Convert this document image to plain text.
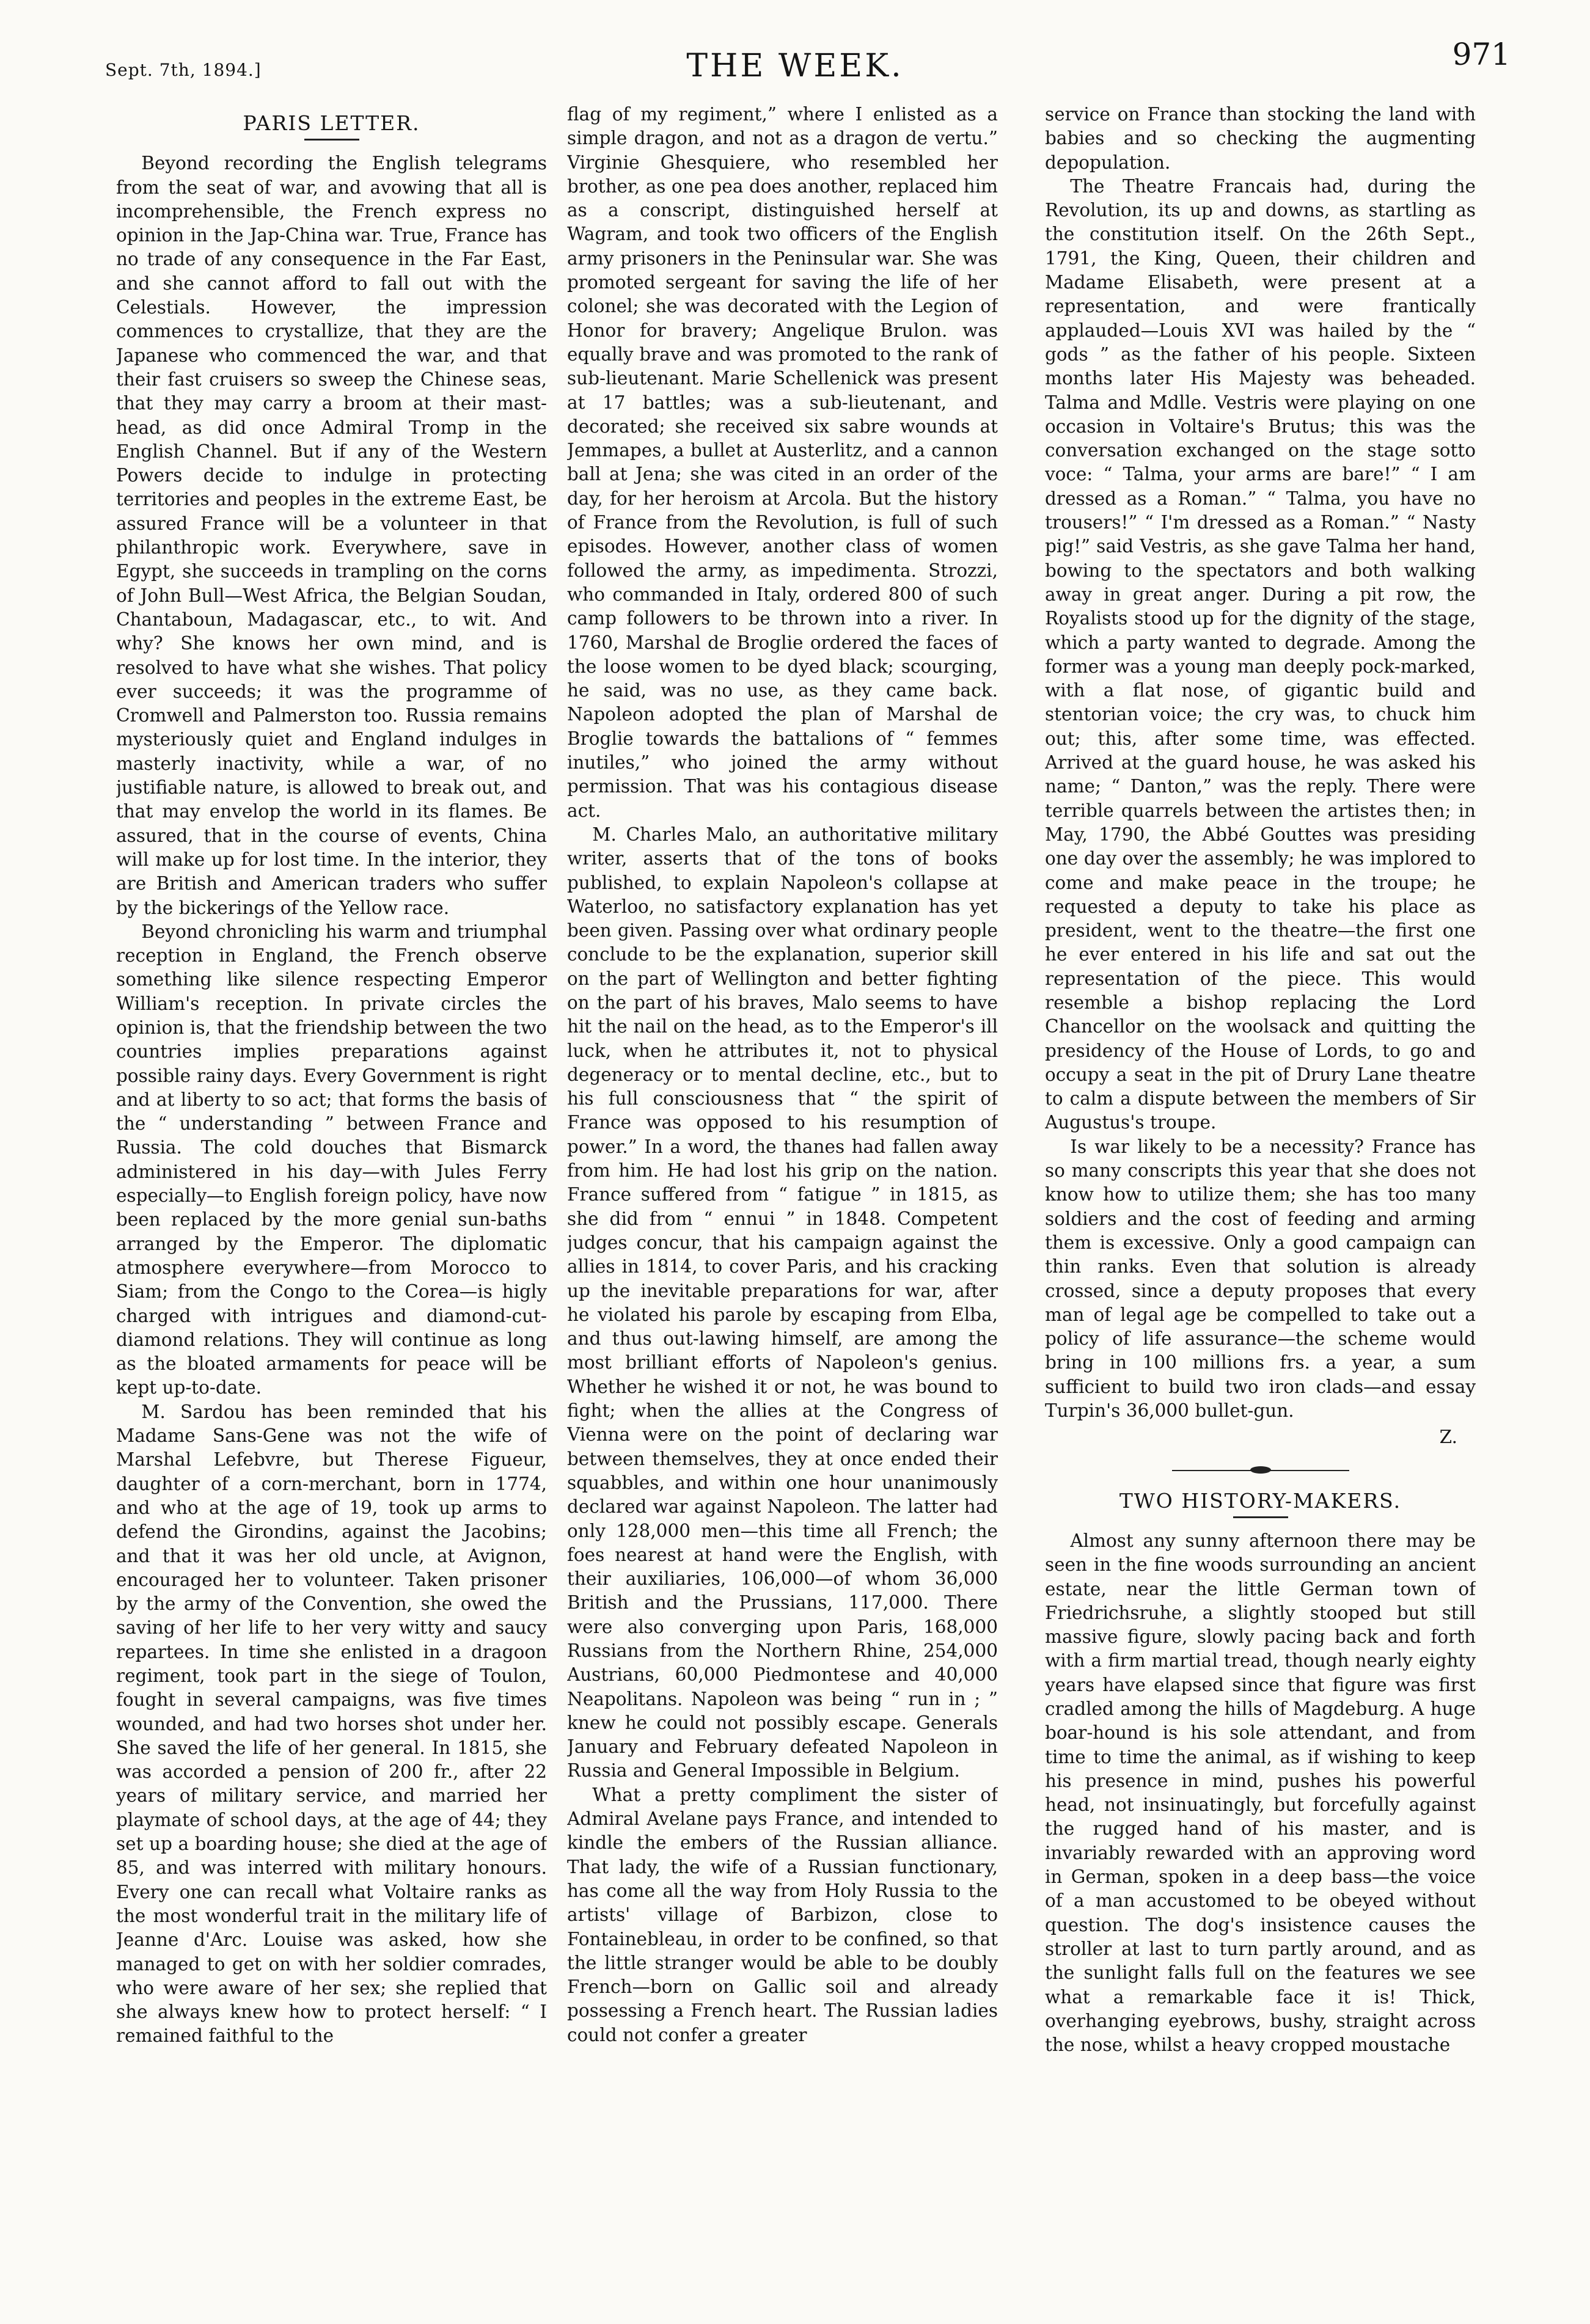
Sept. 7th, 1894.]	THE WEEK.	971
PARIS LETTER.

Beyond recording the English telegrams from the seat of war, and avowing that all is incomprehensible, the French express no opinion in the Jap-China war. True, France has no trade of any consequence in the Far East, and she cannot afford to fall out with the Celestials. However, the impression commences to crystallize, that they are the Japanese who commenced the war, and that their fast cruisers so sweep the Chinese seas, that they may carry a broom at their mast-head, as did once Admiral Tromp in the English Channel. But if any of the Western Powers decide to indulge in protecting territories and peoples in the extreme East, be assured France will be a volunteer in that philanthropic work. Everywhere, save in Egypt, she succeeds in trampling on the corns of John Bull—West Africa, the Belgian Soudan, Chantaboun, Madagascar, etc., to wit. And why? She knows her own mind, and is resolved to have what she wishes. That policy ever succeeds; it was the programme of Cromwell and Palmerston too. Russia remains mysteriously quiet and England indulges in masterly inactivity, while a war, of no justifiable nature, is allowed to break out, and that may envelop the world in its flames. Be assured, that in the course of events, China will make up for lost time. In the interior, they are British and American traders who suffer by the bickerings of the Yellow race.

Beyond chronicling his warm and triumphal reception in England, the French observe something like silence respecting Emperor William's reception. In private circles the opinion is, that the friendship between the two countries implies preparations against possible rainy days. Every Government is right and at liberty to so act; that forms the basis of the “ understanding ” between France and Russia. The cold douches that Bismarck administered in his day—with Jules Ferry especially—to English foreign policy, have now been replaced by the more genial sun-baths arranged by the Emperor. The diplomatic atmosphere everywhere—from Morocco to Siam; from the Congo to the Corea—is higly charged with intrigues and diamond-cut-diamond relations. They will continue as long as the bloated armaments for peace will be kept up-to-date.

M. Sardou has been reminded that his Madame Sans-Gene was not the wife of Marshal Lefebvre, but Therese Figueur, daughter of a corn-merchant, born in 1774, and who at the age of 19, took up arms to defend the Girondins, against the Jacobins; and that it was her old uncle, at Avignon, encouraged her to volunteer. Taken prisoner by the army of the Convention, she owed the saving of her life to her very witty and saucy repartees. In time she enlisted in a dragoon regiment, took part in the siege of Toulon, fought in several campaigns, was five times wounded, and had two horses shot under her. She saved the life of her general. In 1815, she was accorded a pension of 200 fr., after 22 years of military service, and married her playmate of school days, at the age of 44; they set up a boarding house; she died at the age of 85, and was interred with military honours. Every one can recall what Voltaire ranks as the most wonderful trait in the military life of Jeanne d'Arc. Louise was asked, how she managed to get on with her soldier comrades, who were aware of her sex; she replied that she always knew how to protect herself: “ I remained faithful to the

flag of my regiment,” where I enlisted as a simple dragon, and not as a dragon de vertu.” Virginie Ghesquiere, who resembled her brother, as one pea does another, replaced him as a conscript, distinguished herself at Wagram, and took two officers of the English army prisoners in the Peninsular war. She was promoted sergeant for saving the life of her colonel; she was decorated with the Legion of Honor for bravery; Angelique Brulon. was equally brave and was promoted to the rank of sub-lieutenant. Marie Schellenick was present at 17 battles; was a sub-lieutenant, and decorated; she received six sabre wounds at Jemmapes, a bullet at Austerlitz, and a cannon ball at Jena; she was cited in an order of the day, for her heroism at Arcola. But the history of France from the Revolution, is full of such episodes. However, another class of women followed the army, as impedimenta. Strozzi, who commanded in Italy, ordered 800 of such camp followers to be thrown into a river. In 1760, Marshal de Broglie ordered the faces of the loose women to be dyed black; scourging, he said, was no use, as they came back. Napoleon adopted the plan of Marshal de Broglie towards the battalions of “ femmes inutiles,” who joined the army without permission. That was his contagious disease act.

M. Charles Malo, an authoritative military writer, asserts that of the tons of books published, to explain Napoleon's collapse at Waterloo, no satisfactory explanation has yet been given. Passing over what ordinary people conclude to be the explanation, superior skill on the part of Wellington and better fighting on the part of his braves, Malo seems to have hit the nail on the head, as to the Emperor's ill luck, when he attributes it, not to physical degeneracy or to mental decline, etc., but to his full consciousness that “ the spirit of France was opposed to his resumption of power.” In a word, the thanes had fallen away from him. He had lost his grip on the nation. France suffered from “ fatigue ” in 1815, as she did from “ ennui ” in 1848. Competent judges concur, that his campaign against the allies in 1814, to cover Paris, and his cracking up the inevitable preparations for war, after he violated his parole by escaping from Elba, and thus out-lawing himself, are among the most brilliant efforts of Napoleon's genius. Whether he wished it or not, he was bound to fight; when the allies at the Congress of Vienna were on the point of declaring war between themselves, they at once ended their squabbles, and within one hour unanimously declared war against Napoleon. The latter had only 128,000 men—this time all French; the foes nearest at hand were the English, with their auxiliaries, 106,000—of whom 36,000 British and the Prussians, 117,000. There were also converging upon Paris, 168,000 Russians from the Northern Rhine, 254,000 Austrians, 60,000 Piedmontese and 40,000 Neapolitans. Napoleon was being “ run in ; ” knew he could not possibly escape. Generals January and February defeated Napoleon in Russia and General Impossible in Belgium.

What a pretty compliment the sister of Admiral Avelane pays France, and intended to kindle the embers of the Russian alliance. That lady, the wife of a Russian functionary, has come all the way from Holy Russia to the artists' village of Barbizon, close to Fontainebleau, in order to be confined, so that the little stranger would be able to be doubly French—born on Gallic soil and already possessing a French heart. The Russian ladies could not confer a greater

service on France than stocking the land with babies and so checking the augmenting depopulation.

The Theatre Francais had, during the Revolution, its up and downs, as startling as the constitution itself. On the 26th Sept., 1791, the King, Queen, their children and Madame Elisabeth, were present at a representation, and were frantically applauded—Louis XVI was hailed by the “ gods ” as the father of his people. Sixteen months later His Majesty was beheaded. Talma and Mdlle. Vestris were playing on one occasion in Voltaire's Brutus; this was the conversation exchanged on the stage sotto voce: “ Talma, your arms are bare!” “ I am dressed as a Roman.” “ Talma, you have no trousers!” “ I'm dressed as a Roman.” “ Nasty pig!” said Vestris, as she gave Talma her hand, bowing to the spectators and both walking away in great anger. During a pit row, the Royalists stood up for the dignity of the stage, which a party wanted to degrade. Among the former was a young man deeply pock-marked, with a flat nose, of gigantic build and stentorian voice; the cry was, to chuck him out; this, after some time, was effected. Arrived at the guard house, he was asked his name; “ Danton,” was the reply. There were terrible quarrels between the artistes then; in May, 1790, the Abbé Gouttes was presiding one day over the assembly; he was implored to come and make peace in the troupe; he requested a deputy to take his place as president, went to the theatre—the first one he ever entered in his life and sat out the representation of the piece. This would resemble a bishop replacing the Lord Chancellor on the woolsack and quitting the presidency of the House of Lords, to go and occupy a seat in the pit of Drury Lane theatre to calm a dispute between the members of Sir Augustus's troupe.

Is war likely to be a necessity? France has so many conscripts this year that she does not know how to utilize them; she has too many soldiers and the cost of feeding and arming them is excessive. Only a good campaign can thin ranks. Even that solution is already crossed, since a deputy proposes that every man of legal age be compelled to take out a policy of life assurance—the scheme would bring in 100 millions frs. a year, a sum sufficient to build two iron clads—and essay Turpin's 36,000 bullet-gun.

Z.
TWO HISTORY-MAKERS.

Almost any sunny afternoon there may be seen in the fine woods surrounding an ancient estate, near the little German town of Friedrichsruhe, a slightly stooped but still massive figure, slowly pacing back and forth with a firm martial tread, though nearly eighty years have elapsed since that figure was first cradled among the hills of Magdeburg. A huge boar-hound is his sole attendant, and from time to time the animal, as if wishing to keep his presence in mind, pushes his powerful head, not insinuatingly, but forcefully against the rugged hand of his master, and is invariably rewarded with an approving word in German, spoken in a deep bass—the voice of a man accustomed to be obeyed without question. The dog's insistence causes the stroller at last to turn partly around, and as the sunlight falls full on the features we see what a remarkable face it is! Thick, overhanging eyebrows, bushy, straight across the nose, whilst a heavy cropped moustache
